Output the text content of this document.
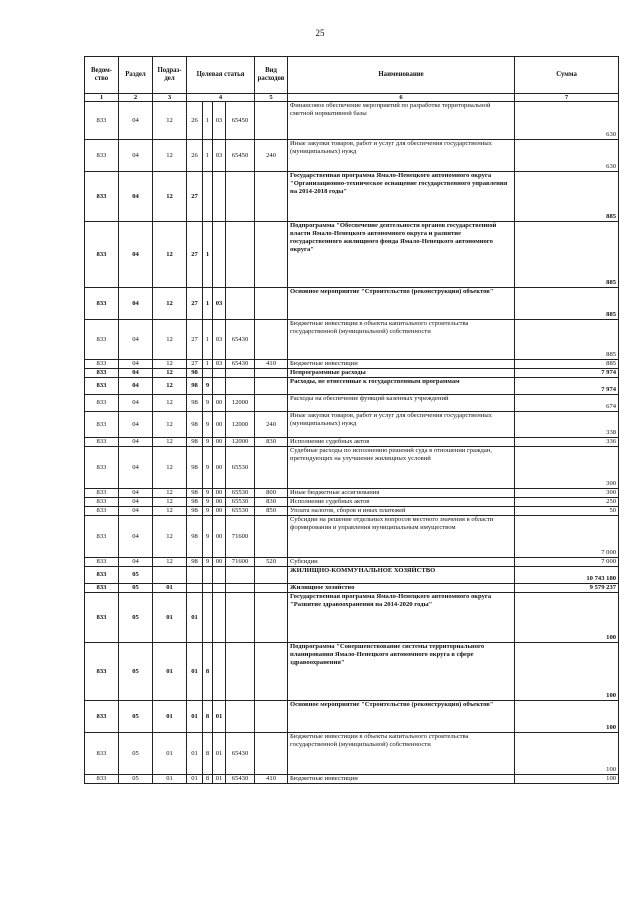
25
Ведом-ство	Раздел	Подраз-дел	Целевая статья				Вид расходов	Наименование	Сумма
1	2	3	4				5	6	7
833	04	12	26	1	03	65450		Финансовое обеспечение мероприятий по разработке территориальной сметной нормативной базы	630
833	04	12	26	1	03	65450	240	Иные закупки товаров, работ и услуг для обеспечения государственных (муниципальных) нужд	630
833	04	12	27					Государственная программа Ямало-Ненецкого автономного округа "Организационно-техническое оснащение государственного управления на 2014-2018 годы"	885
833	04	12	27	1				Подпрограмма "Обеспечение деятельности органов государственной власти Ямало-Ненецкого автономного округа и развитие государственного жилищного фонда Ямало-Ненецкого автономного округа"	885
833	04	12	27	1	03			Основное мероприятие "Строительство (реконструкция) объектов"	885
833	04	12	27	1	03	65430		Бюджетные инвестиции в объекты капитального строительства государственной (муниципальной) собственности	885
833	04	12	27	1	03	65430	410	Бюджетные инвестиции	885
833	04	12	98					Непрограммные расходы	7 974
833	04	12	98	9				Расходы, не отнесенные к государственным программам	7 974
833	04	12	98	9	00	12000		Расходы на обеспечение функций казенных учреждений	674
833	04	12	98	9	00	12000	240	Иные закупки товаров, работ и услуг для обеспечения государственных (муниципальных) нужд	338
833	04	12	98	9	00	12000	830	Исполнение судебных актов	336
833	04	12	98	9	00	65530		Судебные расходы по исполнению решений суда в отношении граждан, претендующих на улучшение жилищных условий	300
833	04	12	98	9	00	65530	800	Иные бюджетные ассигнования	300
833	04	12	98	9	00	65530	830	Исполнение судебных актов	250
833	04	12	98	9	00	65530	850	Уплата налогов, сборов и иных платежей	50
833	04	12	98	9	00	71600		Субсидии на решение отдельных вопросов местного значения в области формирования и управления муниципальным имуществом	7 000
833	04	12	98	9	00	71600	520	Субсидии	7 000
833	05							ЖИЛИЩНО-КОММУНАЛЬНОЕ ХОЗЯЙСТВО	10 743 180
833	05	01						Жилищное хозяйство	9 579 237
833	05	01	01					Государственная программа Ямало-Ненецкого автономного округа "Развитие здравоохранения на 2014-2020 годы"	100
833	05	01	01	8				Подпрограмма "Совершенствование системы территориального планирования Ямало-Ненецкого автономного округа в сфере здравоохранения"	100
833	05	01	01	8	01			Основное мероприятие "Строительство (реконструкция) объектов"	100
833	05	01	01	8	01	65430		Бюджетные инвестиции в объекты капитального строительства государственной (муниципальной) собственности	100
833	05	01	01	8	01	65430	410	Бюджетные инвестиции	100
